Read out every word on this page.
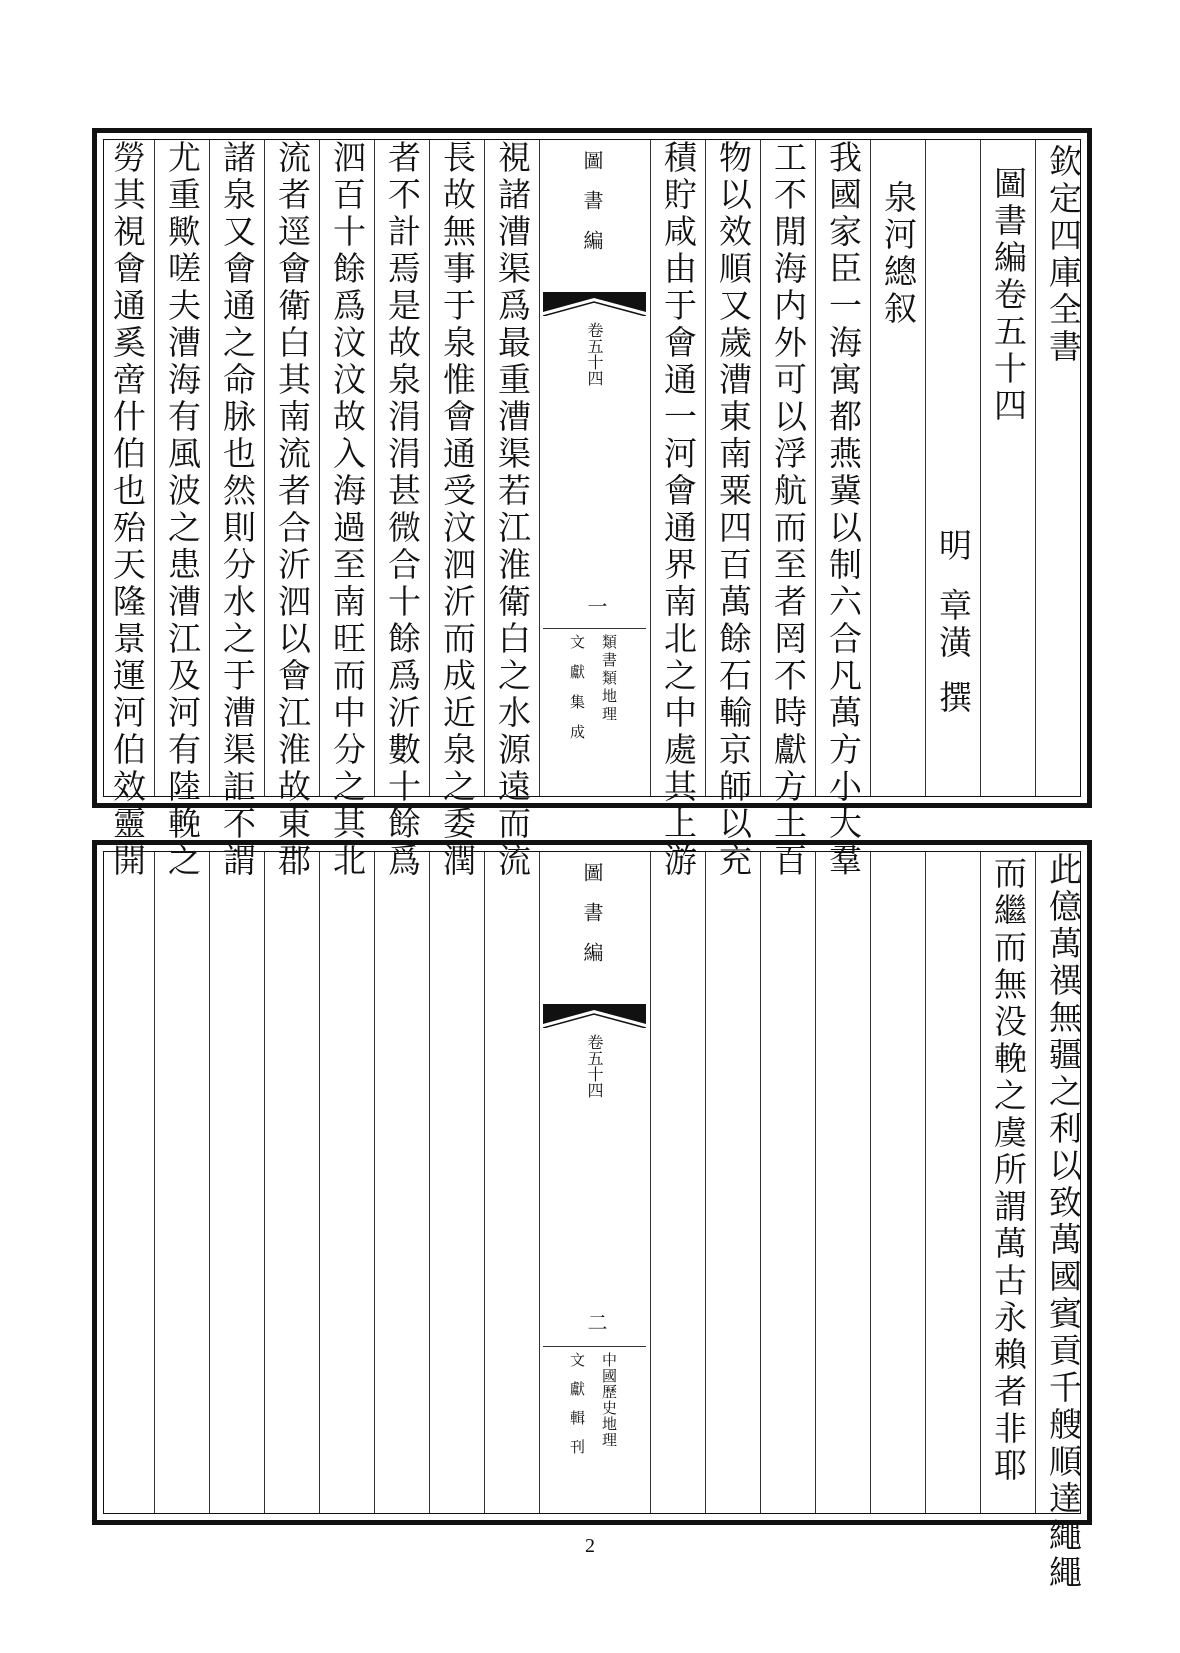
欽定四庫全書
圖書編卷五十四
明
章潢
撰
泉河總叙
我國家臣一海寓都燕冀以制六合凡萬方小大羣
工不閒海内外可以浮航而至者罔不時獻方土百
物以效順又歲漕東南粟四百萬餘石輸京師以充
積貯咸由于會通一河會通界南北之中處其上游
圖書編
卷五十四
一
類書類地理
文獻集成
視諸漕渠爲最重漕渠若江淮衛白之水源遠而流
長故無事于泉惟會通受汶泗沂而成近泉之委潤
者不計焉是故泉涓涓甚微合十餘爲沂數十餘爲
泗百十餘爲汶汶故入海過至南旺而中分之其北
流者逕會衛白其南流者合沂泗以會江淮故東郡
諸泉又會通之命脉也然則分水之于漕渠詎不謂
尤重歟嗟夫漕海有風波之患漕江及河有陸輓之
勞其視會通奚啻什伯也殆天隆景運河伯效靈開
此億萬禩無疆之利以致萬國賓貢千艘順達繩繩
而繼而無没輓之虞所謂萬古永賴者非耶
圖書編
卷五十四
二
中國歷史地理
文獻輯刊
2
